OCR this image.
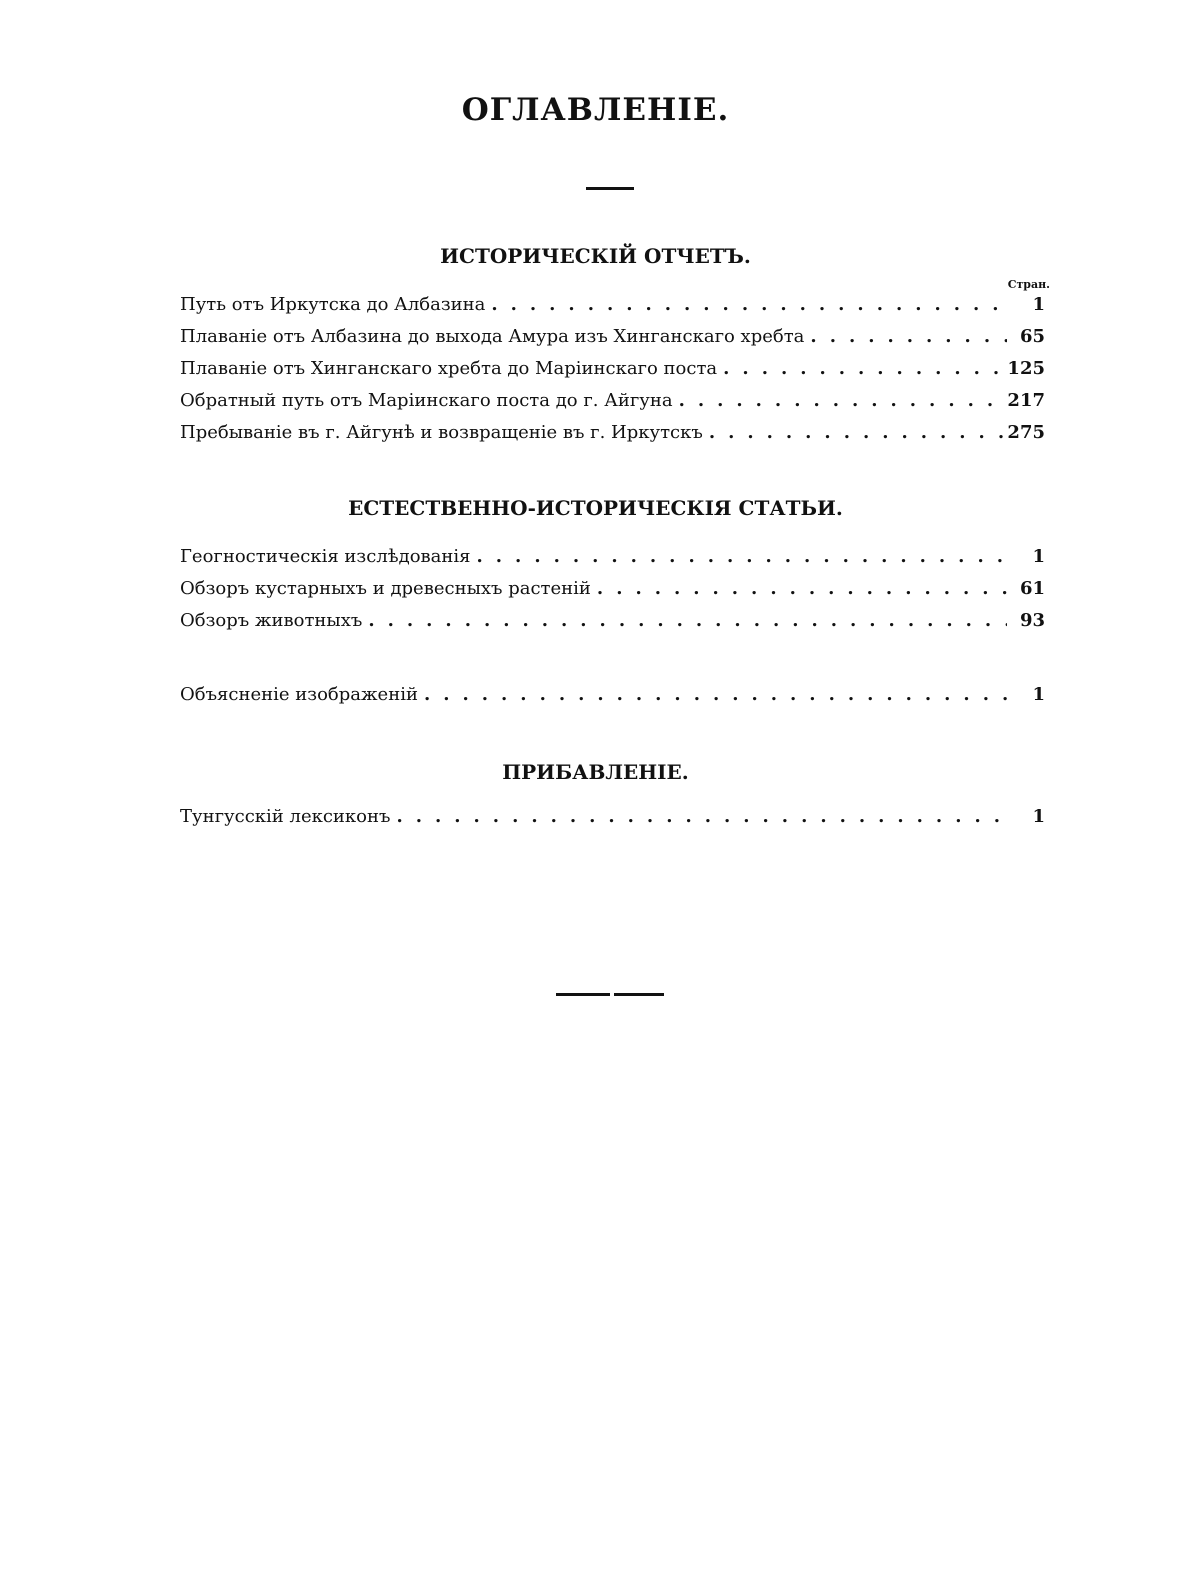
ОГЛАВЛЕНIЕ.
ИСТОРИЧЕСКIЙ ОТЧЕТЪ.
Стран.
Путь отъ Иркутска до Албазина .....	1
Плаванiе отъ Албазина до выхода Амура изъ Хинганскаго хребта .....	65
Плаванiе отъ Хинганскаго хребта до Марiинскаго поста .....	125
Обратный путь отъ Марiинскаго поста до г. Айгуна .....	217
Пребыванiе въ г. Айгунѣ и возвращенiе въ г. Иркутскъ .....	275
ЕСТЕСТВЕННО-ИСТОРИЧЕСКIЯ СТАТЬИ.
Геогностическiя изслѣдованiя .....	1
Обзоръ кустарныхъ и древесныхъ растенiй .....	61
Обзоръ животныхъ .....	93
Объясненiе изображенiй .....	1
ПРИБАВЛЕНIЕ.
Тунгусскiй лексиконъ .....	1
